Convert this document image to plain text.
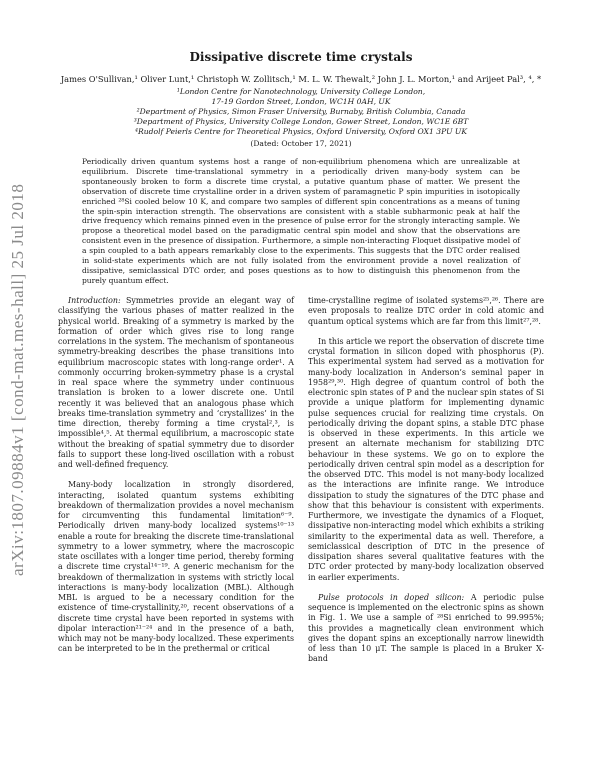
arXiv:1807.09884v1 [cond-mat.mes-hall] 25 Jul 2018
Dissipative discrete time crystals
James O'Sullivan,¹ Oliver Lunt,¹ Christoph W. Zollitsch,¹ M. L. W. Thewalt,² John J. L. Morton,¹ and Arijeet Pal³, ⁴, *
¹London Centre for Nanotechnology, University College London,
17-19 Gordon Street, London, WC1H 0AH, UK
²Department of Physics, Simon Fraser University, Burnaby, British Columbia, Canada
³Department of Physics, University College London, Gower Street, London, WC1E 6BT
⁴Rudolf Peierls Centre for Theoretical Physics, Oxford University, Oxford OX1 3PU UK
(Dated: October 17, 2021)
Periodically driven quantum systems host a range of non-equilibrium phenomena which are unrealizable at equilibrium. Discrete time-translational symmetry in a periodically driven many-body system can be spontaneously broken to form a discrete time crystal, a putative quantum phase of matter. We present the observation of discrete time crystalline order in a driven system of paramagnetic P spin impurities in isotopically enriched ²⁸Si cooled below 10 K, and compare two samples of different spin concentrations as a means of tuning the spin-spin interaction strength. The observations are consistent with a stable subharmonic peak at half the drive frequency which remains pinned even in the presence of pulse error for the strongly interacting sample. We propose a theoretical model based on the paradigmatic central spin model and show that the observations are consistent even in the presence of dissipation. Furthermore, a simple non-interacting Floquet dissipative model of a spin coupled to a bath appears remarkably close to the experiments. This suggests that the DTC order realised in solid-state experiments which are not fully isolated from the environment provide a novel realization of dissipative, semiclassical DTC order, and poses questions as to how to distinguish this phenomenon from the purely quantum effect.

Introduction: Symmetries provide an elegant way of classifying the various phases of matter realized in the physical world. Breaking of a symmetry is marked by the formation of order which gives rise to long range correlations in the system. The mechanism of spontaneous symmetry-breaking describes the phase transitions into equilibrium macroscopic states with long-range order¹. A commonly occurring broken-symmetry phase is a crystal in real space where the symmetry under continuous translation is broken to a lower discrete one. Until recently it was believed that an analogous phase which breaks time-translation symmetry and ‘crystallizes’ in the time direction, thereby forming a time crystal²,³, is impossible⁴,⁵. At thermal equilibrium, a macroscopic state without the breaking of spatial symmetry due to disorder fails to support these long-lived oscillation with a robust and well-defined frequency.

Many-body localization in strongly disordered, interacting, isolated quantum systems exhibiting breakdown of thermalization provides a novel mechanism for circumventing this fundamental limitation⁶⁻⁹. Periodically driven many-body localized systems¹⁰⁻¹³ enable a route for breaking the discrete time-translational symmetry to a lower symmetry, where the macroscopic state oscillates with a longer time period, thereby forming a discrete time crystal¹⁴⁻¹⁹. A generic mechanism for the breakdown of thermalization in systems with strictly local interactions is many-body localization (MBL). Although MBL is argued to be a necessary condition for the existence of time-crystallinity,²⁰, recent observations of a discrete time crystal have been reported in systems with dipolar interaction²¹⁻²⁴ and in the presence of a bath, which may not be many-body localized. These experiments can be interpreted to be in the prethermal or critical

time-crystalline regime of isolated systems²⁵,²⁶. There are even proposals to realize DTC order in cold atomic and quantum optical systems which are far from this limit²⁷,²⁸.

In this article we report the observation of discrete time crystal formation in silicon doped with phosphorus (P). This experimental system had served as a motivation for many-body localization in Anderson’s seminal paper in 1958²⁹,³⁰. High degree of quantum control of both the electronic spin states of P and the nuclear spin states of Si provide a unique platform for implementing dynamic pulse sequences crucial for realizing time crystals. On periodically driving the dopant spins, a stable DTC phase is observed in these experiments. In this article we present an alternate mechanism for stabilizing DTC behaviour in these systems. We go on to explore the periodically driven central spin model as a description for the observed DTC. This model is not many-body localized as the interactions are infinite range. We introduce dissipation to study the signatures of the DTC phase and show that this behaviour is consistent with experiments. Furthermore, we investigate the dynamics of a Floquet, dissipative non-interacting model which exhibits a striking similarity to the experimental data as well. Therefore, a semiclassical description of DTC in the presence of dissipation shares several qualitative features with the DTC order protected by many-body localization observed in earlier experiments.

Pulse protocols in doped silicon: A periodic pulse sequence is implemented on the electronic spins as shown in Fig. 1. We use a sample of ²⁸Si enriched to 99.995%; this provides a magnetically clean environment which gives the dopant spins an exceptionally narrow linewidth of less than 10 μT. The sample is placed in a Bruker X-band
